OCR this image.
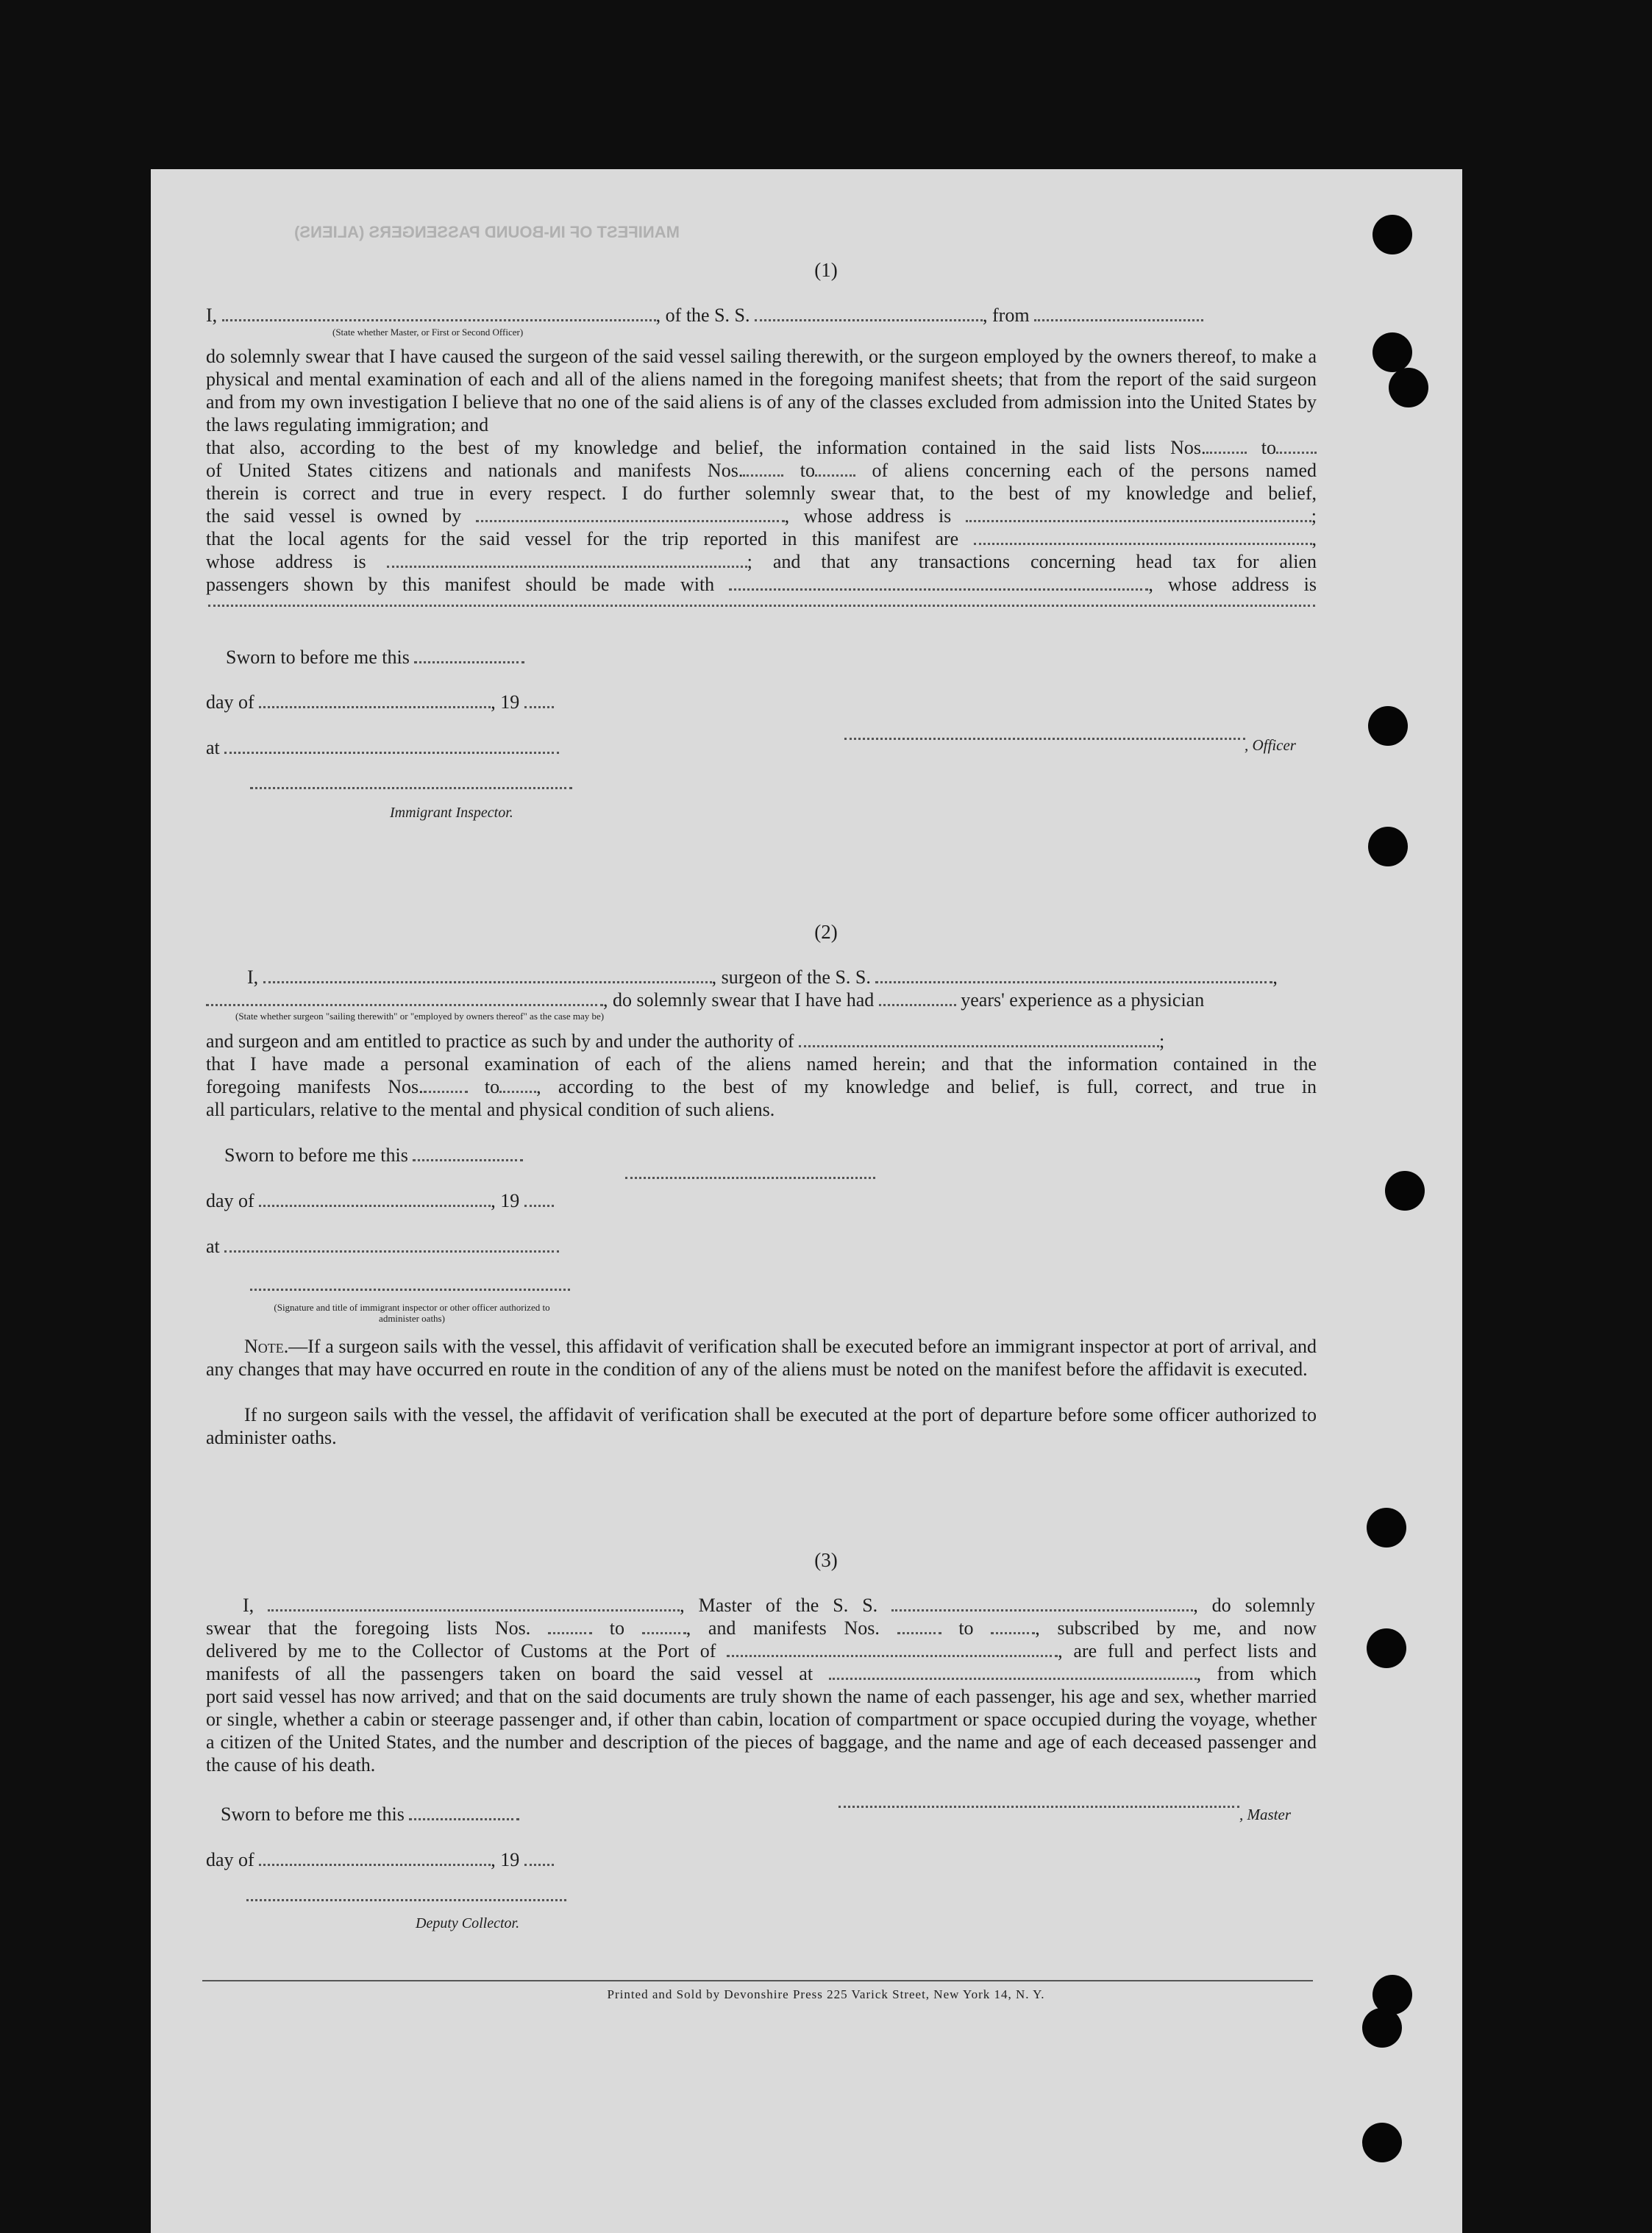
MANIFEST OF IN-BOUND PASSENGERS (ALIENS)
(1)
I,	, of the S. S.	, from
(State whether Master, or First or Second Officer)
do solemnly swear that I have caused the surgeon of the said vessel sailing therewith, or the surgeon employed by the owners thereof, to make a physical and mental examination of each and all of the aliens named in the foregoing manifest sheets; that from the report of the said surgeon and from my own investigation I believe that no one of the said aliens is of any of the classes excluded from admission into the United States by the laws regulating immigration; and
that also, according to the best of my knowledge and belief, the information contained in the said lists Nos.	to
of United States citizens and nationals and manifests Nos.	to	of aliens concerning each of the persons named
therein is correct and true in every respect. I do further solemnly swear that, to the best of my knowledge and belief,
the said vessel is owned by	, whose address is	;
that the local agents for the said vessel for the trip reported in this manifest are	,
whose address is	; and that any transactions concerning head tax for alien
passengers shown by this manifest should be made with	, whose address is
Sworn to before me this
day of	, 19
at	, Officer
Immigrant Inspector.
(2)
I,	, surgeon of the S. S.	,
, do solemnly swear that I have had	years' experience as a physician
(State whether surgeon "sailing therewith" or "employed by owners thereof" as the case may be)
and surgeon and am entitled to practice as such by and under the authority of	;
that I have made a personal examination of each of the aliens named herein; and that the information contained in the
foregoing manifests Nos.	to , according to the best of my knowledge and belief, is full, correct, and true in
all particulars, relative to the mental and physical condition of such aliens.
Sworn to before me this
day of	, 19
at
(Signature and title of immigrant inspector or other officer authorized to administer oaths)
Note.—If a surgeon sails with the vessel, this affidavit of verification shall be executed before an immigrant inspector at port of arrival, and any changes that may have occurred en route in the condition of any of the aliens must be noted on the manifest before the affidavit is executed.
If no surgeon sails with the vessel, the affidavit of verification shall be executed at the port of departure before some officer authorized to administer oaths.
(3)
I,	, Master of the S. S.	, do solemnly
swear that the foregoing lists Nos.	to	, and manifests Nos.	to	, subscribed by me, and now
delivered by me to the Collector of Customs at the Port of	, are full and perfect lists and
manifests of all the passengers taken on board the said vessel at	, from which
port said vessel has now arrived; and that on the said documents are truly shown the name of each passenger, his age and sex, whether married or single, whether a cabin or steerage passenger and, if other than cabin, location of compartment or space occupied during the voyage, whether a citizen of the United States, and the number and description of the pieces of baggage, and the name and age of each deceased passenger and the cause of his death.
Sworn to before me this	, Master
day of	, 19
Deputy Collector.
Printed and Sold by Devonshire Press 225 Varick Street, New York 14, N. Y.
